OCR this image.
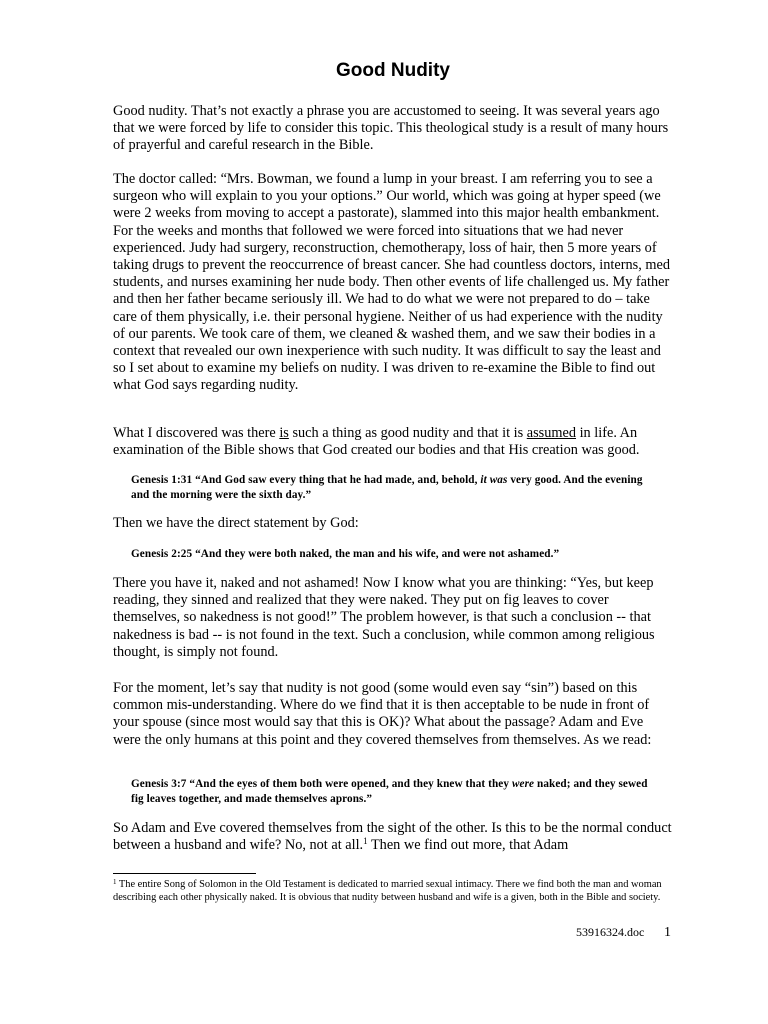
Good Nudity

Good nudity. That’s not exactly a phrase you are accustomed to seeing. It was several years ago that we were forced by life to consider this topic. This theological study is a result of many hours of prayerful and careful research in the Bible.

The doctor called: “Mrs. Bowman, we found a lump in your breast. I am referring you to see a surgeon who will explain to you your options.” Our world, which was going at hyper speed (we were 2 weeks from moving to accept a pastorate), slammed into this major health embankment. For the weeks and months that followed we were forced into situations that we had never experienced. Judy had surgery, reconstruction, chemotherapy, loss of hair, then 5 more years of taking drugs to prevent the reoccurrence of breast cancer. She had countless doctors, interns, med students, and nurses examining her nude body. Then other events of life challenged us. My father and then her father became seriously ill. We had to do what we were not prepared to do – take care of them physically, i.e. their personal hygiene. Neither of us had experience with the nudity of our parents. We took care of them, we cleaned & washed them, and we saw their bodies in a context that revealed our own inexperience with such nudity. It was difficult to say the least and so I set about to examine my beliefs on nudity. I was driven to re-examine the Bible to find out what God says regarding nudity.

What I discovered was there is such a thing as good nudity and that it is assumed in life. An examination of the Bible shows that God created our bodies and that His creation was good.

Genesis 1:31 “And God saw every thing that he had made, and, behold, it was very good. And the evening and the morning were the sixth day.”

Then we have the direct statement by God:

Genesis 2:25 “And they were both naked, the man and his wife, and were not ashamed.”

There you have it, naked and not ashamed! Now I know what you are thinking: “Yes, but keep reading, they sinned and realized that they were naked. They put on fig leaves to cover themselves, so nakedness is not good!” The problem however, is that such a conclusion -- that nakedness is bad -- is not found in the text. Such a conclusion, while common among religious thought, is simply not found.

For the moment, let’s say that nudity is not good (some would even say “sin”) based on this common mis-understanding. Where do we find that it is then acceptable to be nude in front of your spouse (since most would say that this is OK)? What about the passage? Adam and Eve were the only humans at this point and they covered themselves from themselves. As we read:

Genesis 3:7 “And the eyes of them both were opened, and they knew that they were naked; and they sewed fig leaves together, and made themselves aprons.”

So Adam and Eve covered themselves from the sight of the other. Is this to be the normal conduct between a husband and wife? No, not at all.$^1$ Then we find out more, that Adam

$^1$ The entire Song of Solomon in the Old Testament is dedicated to married sexual intimacy. There we find both the man and woman describing each other physically naked. It is obvious that nudity between husband and wife is a given, both in the Bible and society.

53916324.doc 1
